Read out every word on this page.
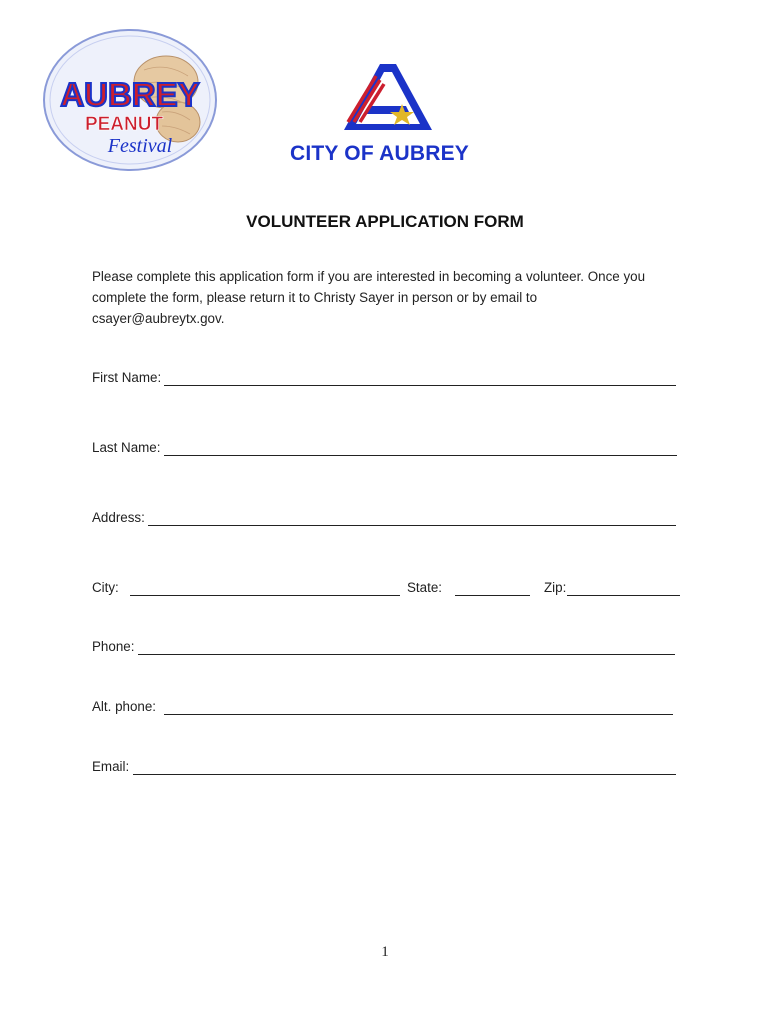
AUBREY
PEANUT
Festival	CITY OF AUBREY
VOLUNTEER APPLICATION FORM
Please complete this application form if you are interested in becoming a volunteer. Once you
complete the form, please return it to Christy Sayer in person or by email to
csayer@aubreytx.gov.
First Name:
Last Name:
Address:
City:	State:	Zip:
Phone:
Alt. phone:
Email:
1
